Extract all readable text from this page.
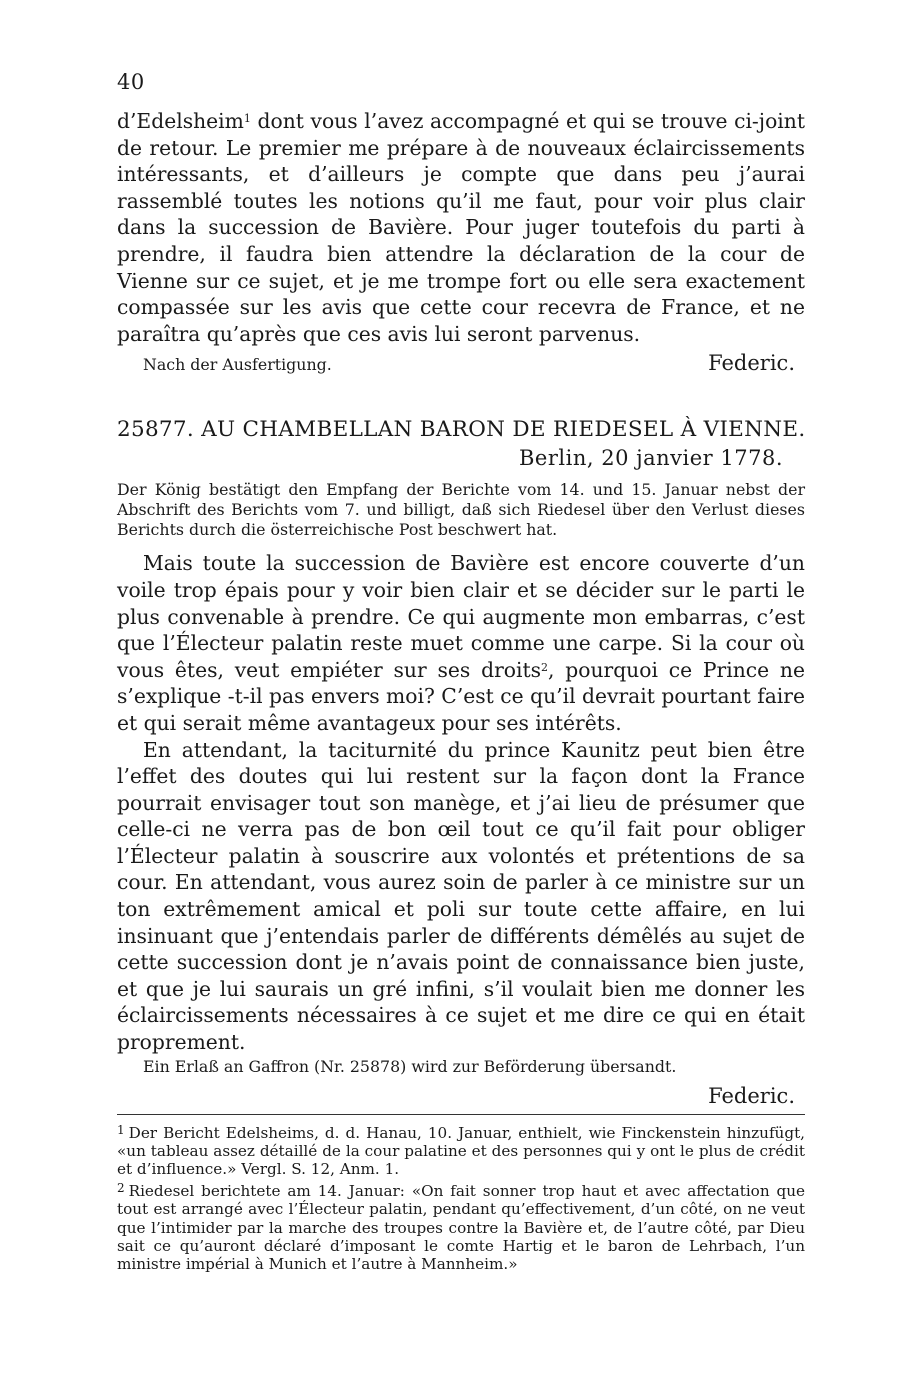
40

d’Edelsheim$^1$ dont vous l’avez accompagné et qui se trouve ci-joint de retour. Le premier me prépare à de nouveaux éclaircissements intéressants, et d’ailleurs je compte que dans peu j’aurai rassemblé toutes les notions qu’il me faut, pour voir plus clair dans la succession de Bavière. Pour juger toutefois du parti à prendre, il faudra bien attendre la déclaration de la cour de Vienne sur ce sujet, et je me trompe fort ou elle sera exactement compassée sur les avis que cette cour recevra de France, et ne paraîtra qu’après que ces avis lui seront parvenus.

Nach der Ausfertigung.	Federic.
25877. AU CHAMBELLAN BARON DE RIEDESEL À VIENNE.
Berlin, 20 janvier 1778.

Der König bestätigt den Empfang der Berichte vom 14. und 15. Januar nebst der Abschrift des Berichts vom 7. und billigt, daß sich Riedesel über den Verlust dieses Berichts durch die österreichische Post beschwert hat.

Mais toute la succession de Bavière est encore couverte d’un voile trop épais pour y voir bien clair et se décider sur le parti le plus convenable à prendre. Ce qui augmente mon embarras, c’est que l’Électeur palatin reste muet comme une carpe. Si la cour où vous êtes, veut empiéter sur ses droits$^2$, pourquoi ce Prince ne s’explique -t-il pas envers moi? C’est ce qu’il devrait pourtant faire et qui serait même avantageux pour ses intérêts.

En attendant, la taciturnité du prince Kaunitz peut bien être l’effet des doutes qui lui restent sur la façon dont la France pourrait envisager tout son manège, et j’ai lieu de présumer que celle-ci ne verra pas de bon œil tout ce qu’il fait pour obliger l’Électeur palatin à souscrire aux volontés et prétentions de sa cour. En attendant, vous aurez soin de parler à ce ministre sur un ton extrêmement amical et poli sur toute cette affaire, en lui insinuant que j’entendais parler de différents démêlés au sujet de cette succession dont je n’avais point de connaissance bien juste, et que je lui saurais un gré infini, s’il voulait bien me donner les éclaircissements nécessaires à ce sujet et me dire ce qui en était proprement.

Ein Erlaß an Gaffron (Nr. 25878) wird zur Beförderung übersandt.

Federic.

$^1$ Der Bericht Edelsheims, d. d. Hanau, 10. Januar, enthielt, wie Finckenstein hinzufügt, «un tableau assez détaillé de la cour palatine et des personnes qui y ont le plus de crédit et d’influence.» Vergl. S. 12, Anm. 1.

$^2$ Riedesel berichtete am 14. Januar: «On fait sonner trop haut et avec affectation que tout est arrangé avec l’Électeur palatin, pendant qu’effectivement, d’un côté, on ne veut que l’intimider par la marche des troupes contre la Bavière et, de l’autre côté, par Dieu sait ce qu’auront déclaré d’imposant le comte Hartig et le baron de Lehrbach, l’un ministre impérial à Munich et l’autre à Mannheim.»
